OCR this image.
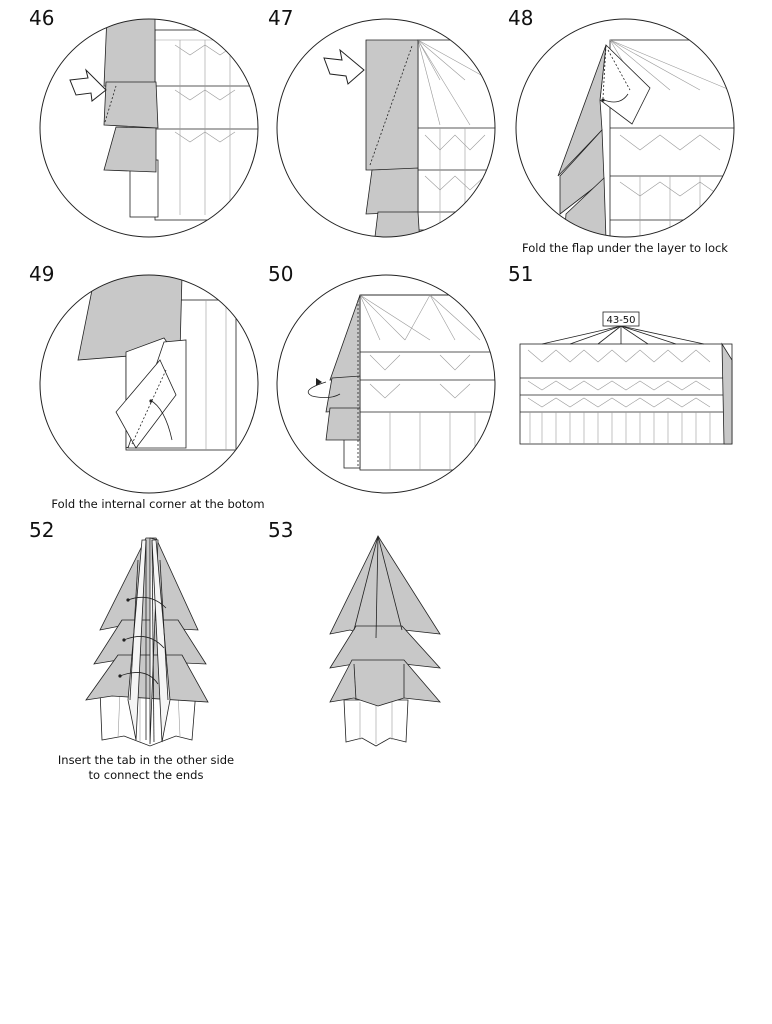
46	47	48
49	50	51
52	53
Fold the flap under the layer to lock
Fold the internal corner at the botom
Insert the tab in the other side
to connect the ends
43-50
